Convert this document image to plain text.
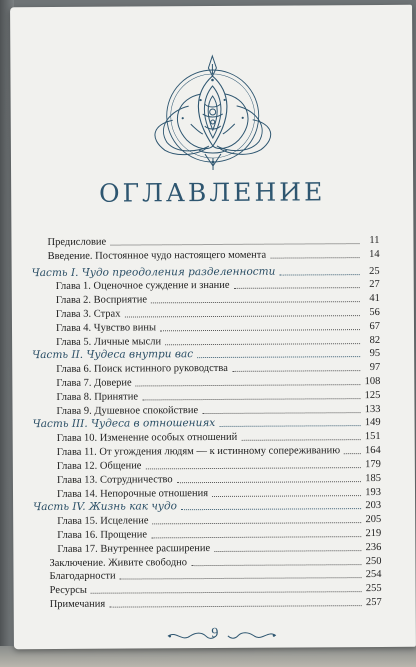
ОГЛАВЛЕНИЕ
Предисловие	11
Введение. Постоянное чудо настоящего момента	14
Часть I. Чудо преодоления разделенности	25
Глава 1. Оценочное суждение и знание	27
Глава 2. Восприятие	41
Глава 3. Страх	56
Глава 4. Чувство вины	67
Глава 5. Личные мысли	82
Часть II. Чудеса внутри вас	95
Глава 6. Поиск истинного руководства	97
Глава 7. Доверие	108
Глава 8. Принятие	125
Глава 9. Душевное спокойствие	133
Часть III. Чудеса в отношениях	149
Глава 10. Изменение особых отношений	151
Глава 11. От угождения людям — к истинному сопереживанию 164
Глава 12. Общение	179
Глава 13. Сотрудничество	185
Глава 14. Непорочные отношения	193
Часть IV. Жизнь как чудо	203
Глава 15. Исцеление	205
Глава 16. Прощение	219
Глава 17. Внутреннее расширение	236
Заключение. Живите свободно	250
Благодарности	254
Ресурсы	255
Примечания	257
9
